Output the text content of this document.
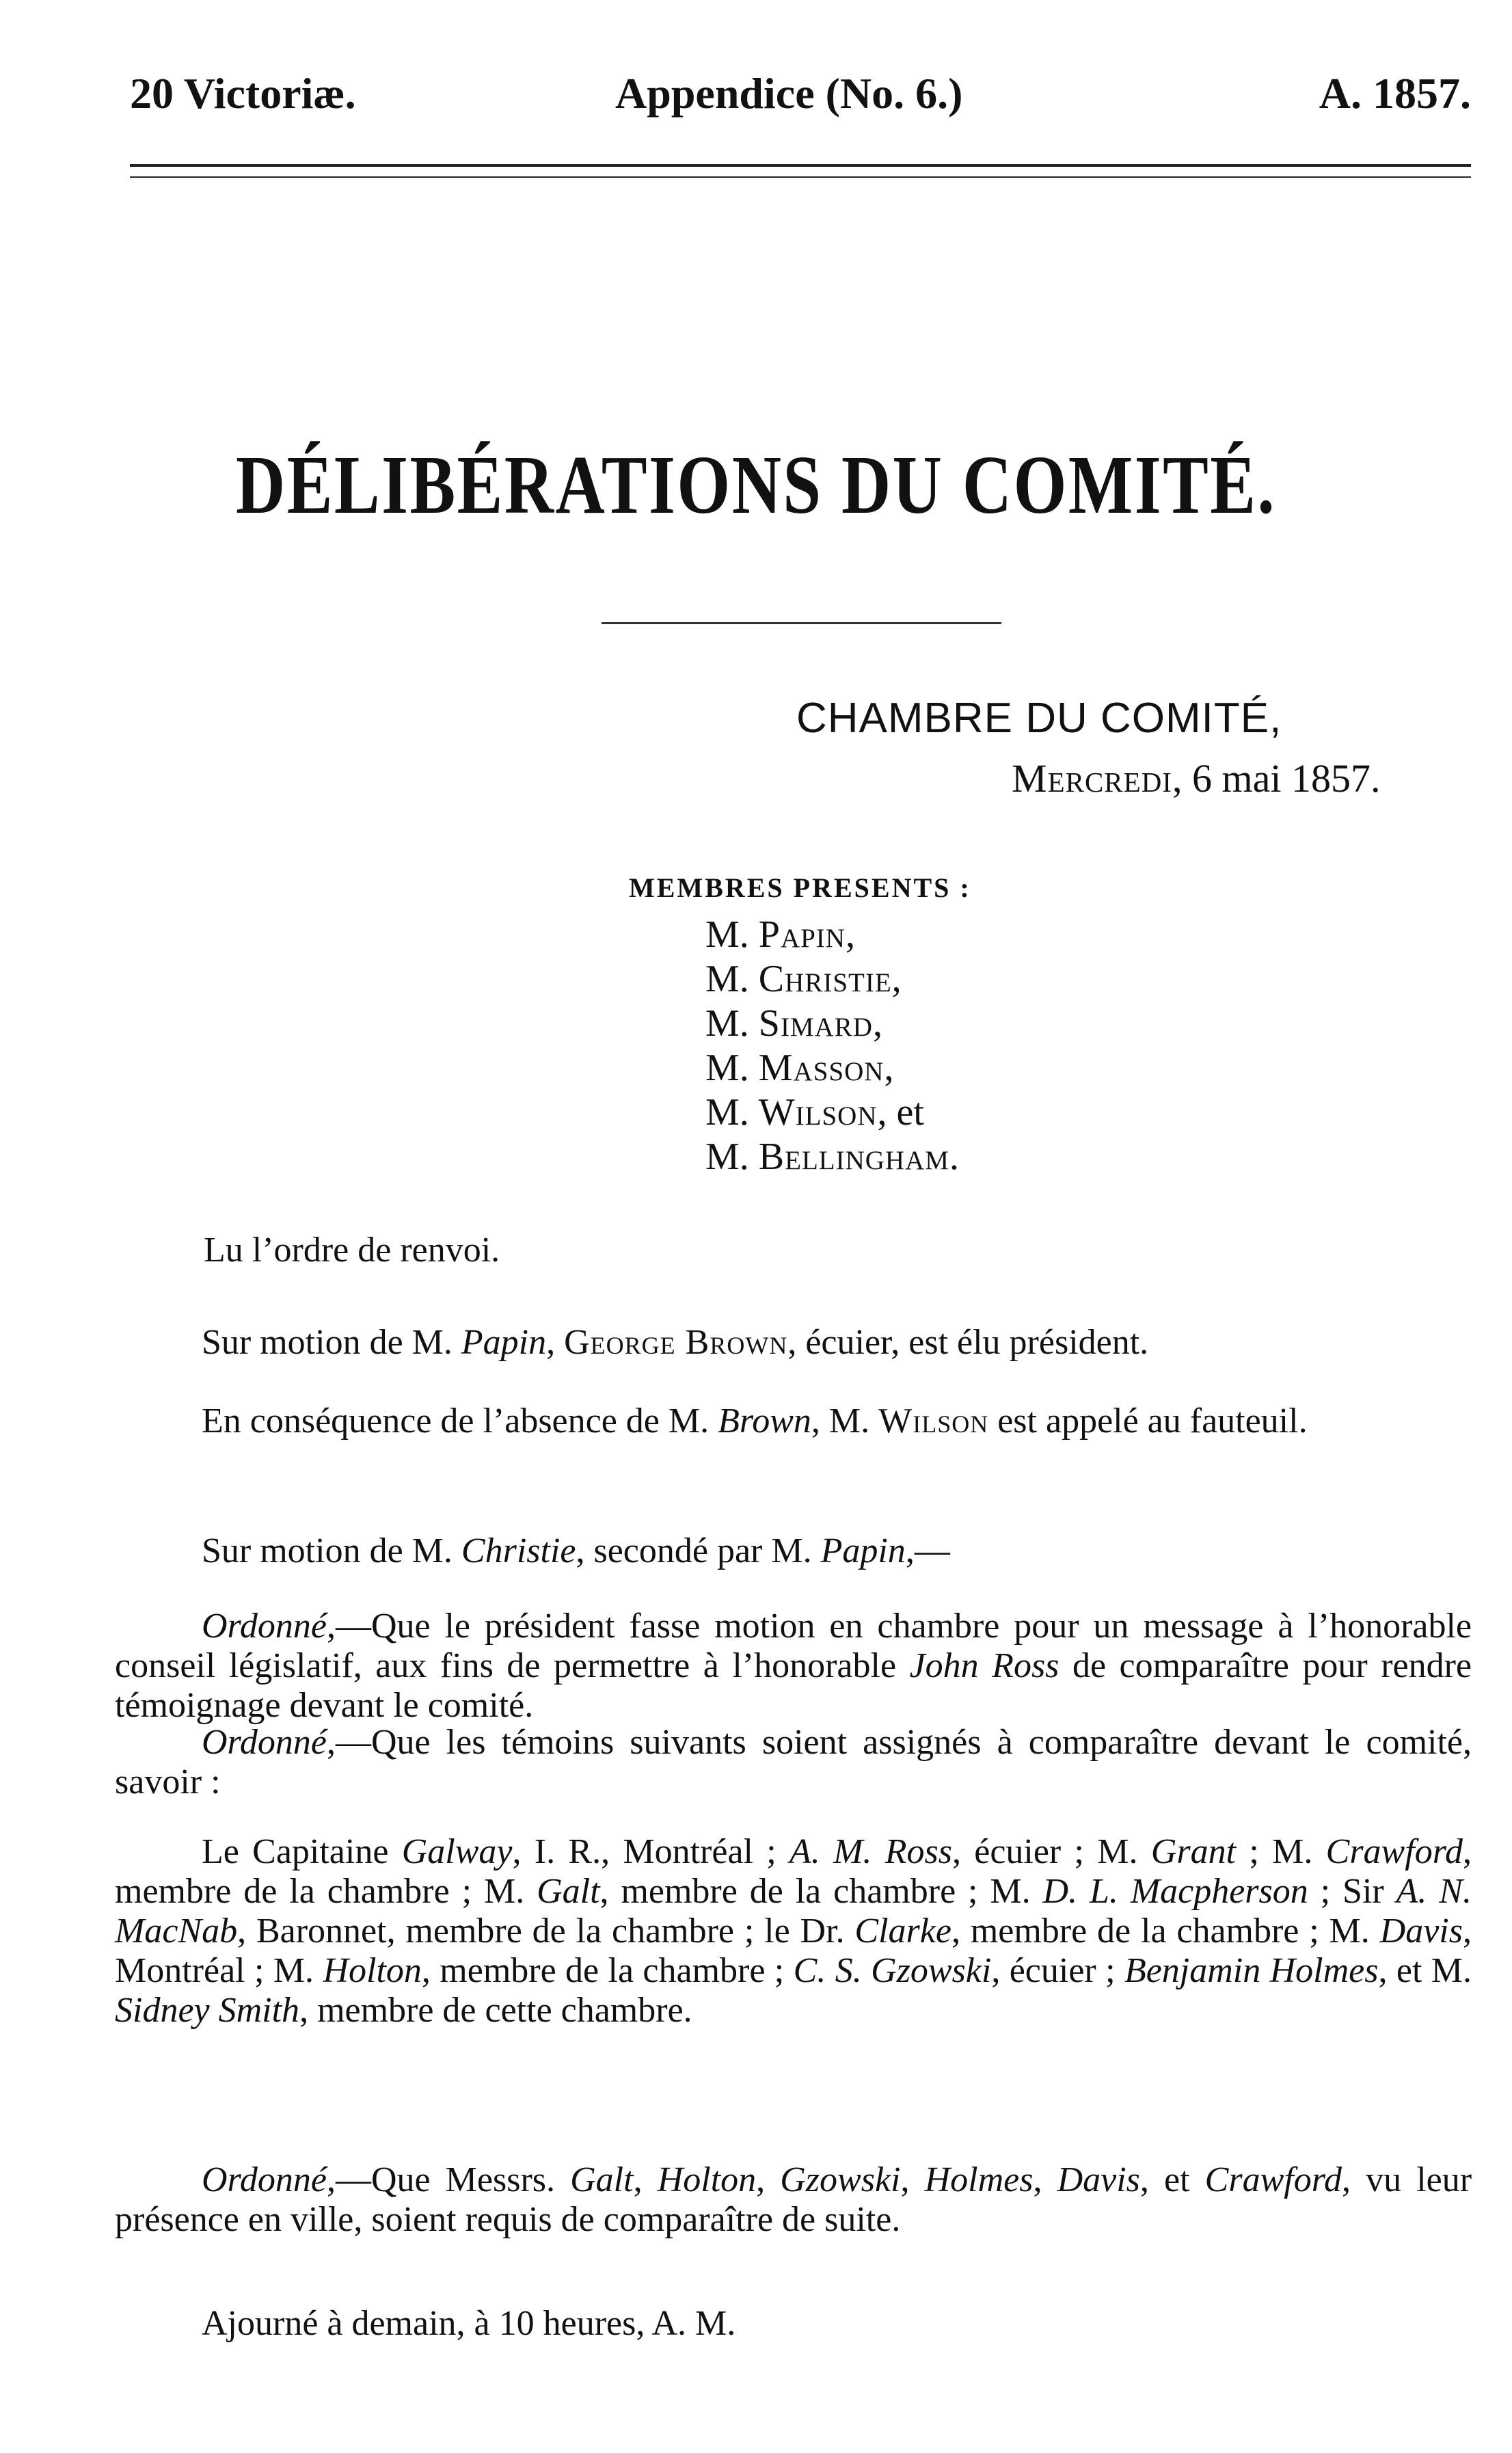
20 Victoriæ.	Appendice (No. 6.)	A. 1857.
DÉLIBÉRATIONS DU COMITÉ.
CHAMBRE DU COMITÉ,
Mercredi, 6 mai 1857.
MEMBRES PRESENTS :
M. Papin,
M. Christie,
M. Simard,
M. Masson,
M. Wilson, et
M. Bellingham.
Lu l’ordre de renvoi.
Sur motion de M. Papin, George Brown, écuier, est élu président.
En conséquence de l’absence de M. Brown, M. Wilson est appelé au fauteuil.
Sur motion de M. Christie, secondé par M. Papin,—
Ordonné,—Que le président fasse motion en chambre pour un message à l’honorable conseil législatif, aux fins de permettre à l’honorable John Ross de comparaître pour rendre témoignage devant le comité.
Ordonné,—Que les témoins suivants soient assignés à comparaître devant le comité, savoir :
Le Capitaine Galway, I. R., Montréal ; A. M. Ross, écuier ; M. Grant ; M. Crawford, membre de la chambre ; M. Galt, membre de la chambre ; M. D. L. Macpherson ; Sir A. N. MacNab, Baronnet, membre de la chambre ; le Dr. Clarke, membre de la chambre ; M. Davis, Montréal ; M. Holton, membre de la chambre ; C. S. Gzowski, écuier ; Benjamin Holmes, et M. Sidney Smith, membre de cette chambre.
Ordonné,—Que Messrs. Galt, Holton, Gzowski, Holmes, Davis, et Crawford, vu leur présence en ville, soient requis de comparaître de suite.
Ajourné à demain, à 10 heures, A. M.
